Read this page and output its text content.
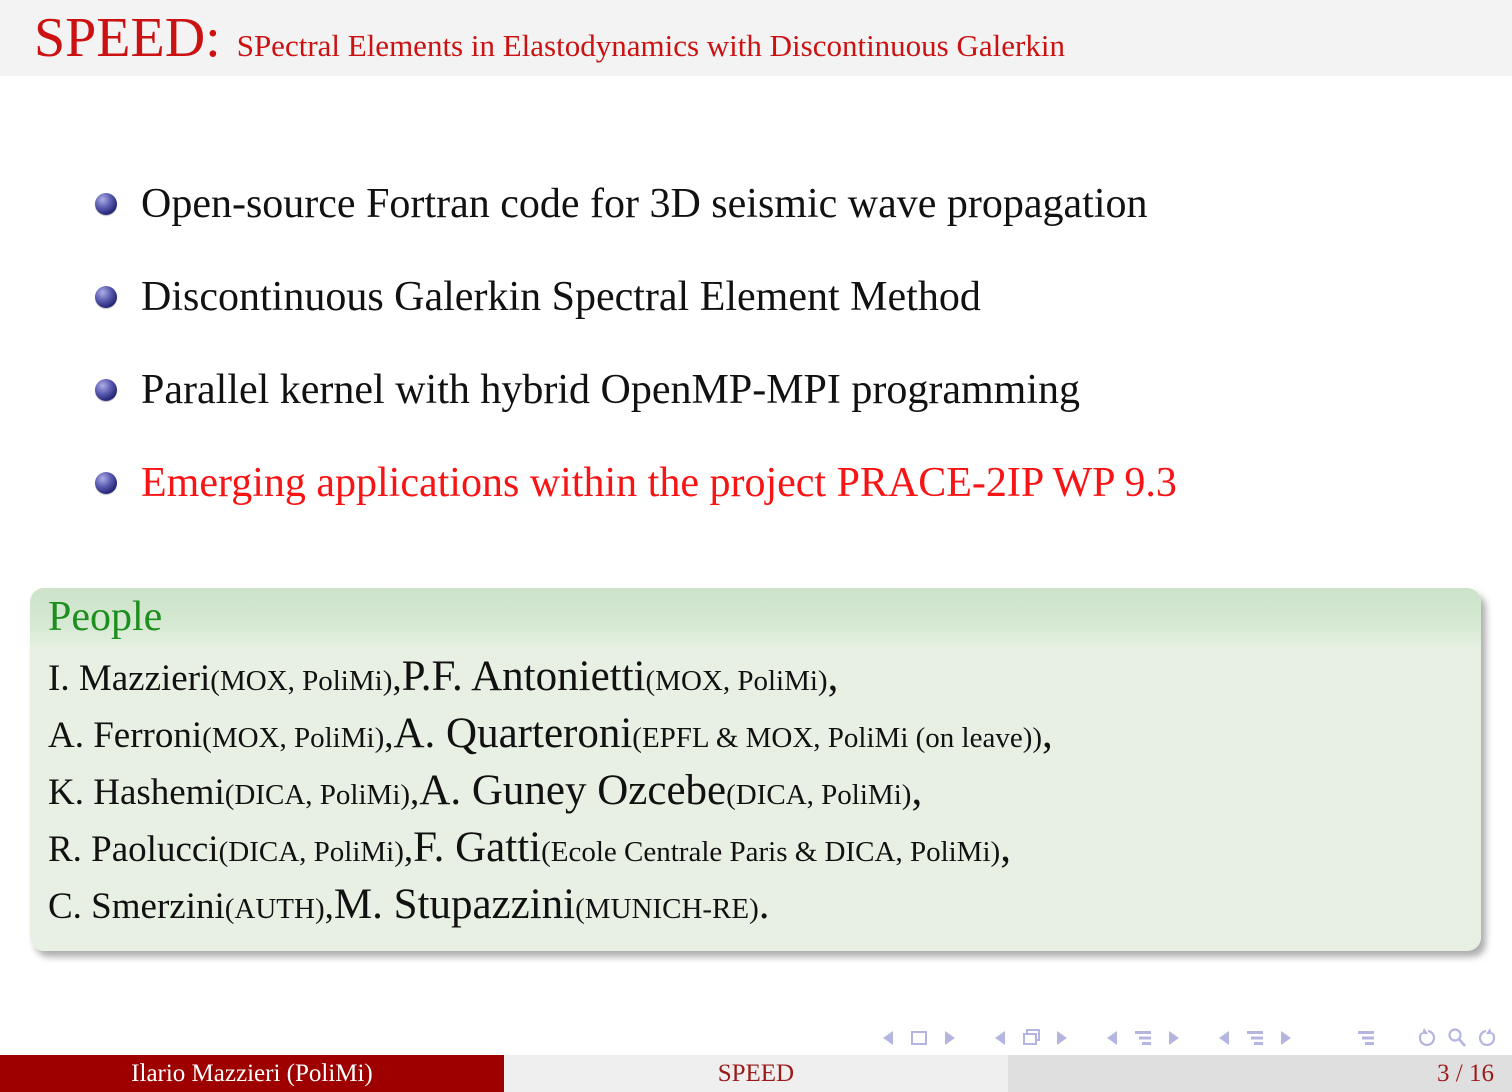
SPEED: SPectral Elements in Elastodynamics with Discontinuous Galerkin
Open-source Fortran code for 3D seismic wave propagation
Discontinuous Galerkin Spectral Element Method
Parallel kernel with hybrid OpenMP-MPI programming
Emerging applications within the project PRACE-2IP WP 9.3
People
I. Mazzieri (MOX, PoliMi) , P.F. Antonietti (MOX, PoliMi) ,
A. Ferroni (MOX, PoliMi) , A. Quarteroni (EPFL & MOX, PoliMi (on leave)) ,
K. Hashemi (DICA, PoliMi) , A. Guney Ozcebe (DICA, PoliMi) ,
R. Paolucci (DICA, PoliMi) , F. Gatti (Ecole Centrale Paris & DICA, PoliMi) ,
C. Smerzini (AUTH) , M. Stupazzini (MUNICH-RE) .
Ilario Mazzieri (PoliMi)	SPEED	3 / 16
